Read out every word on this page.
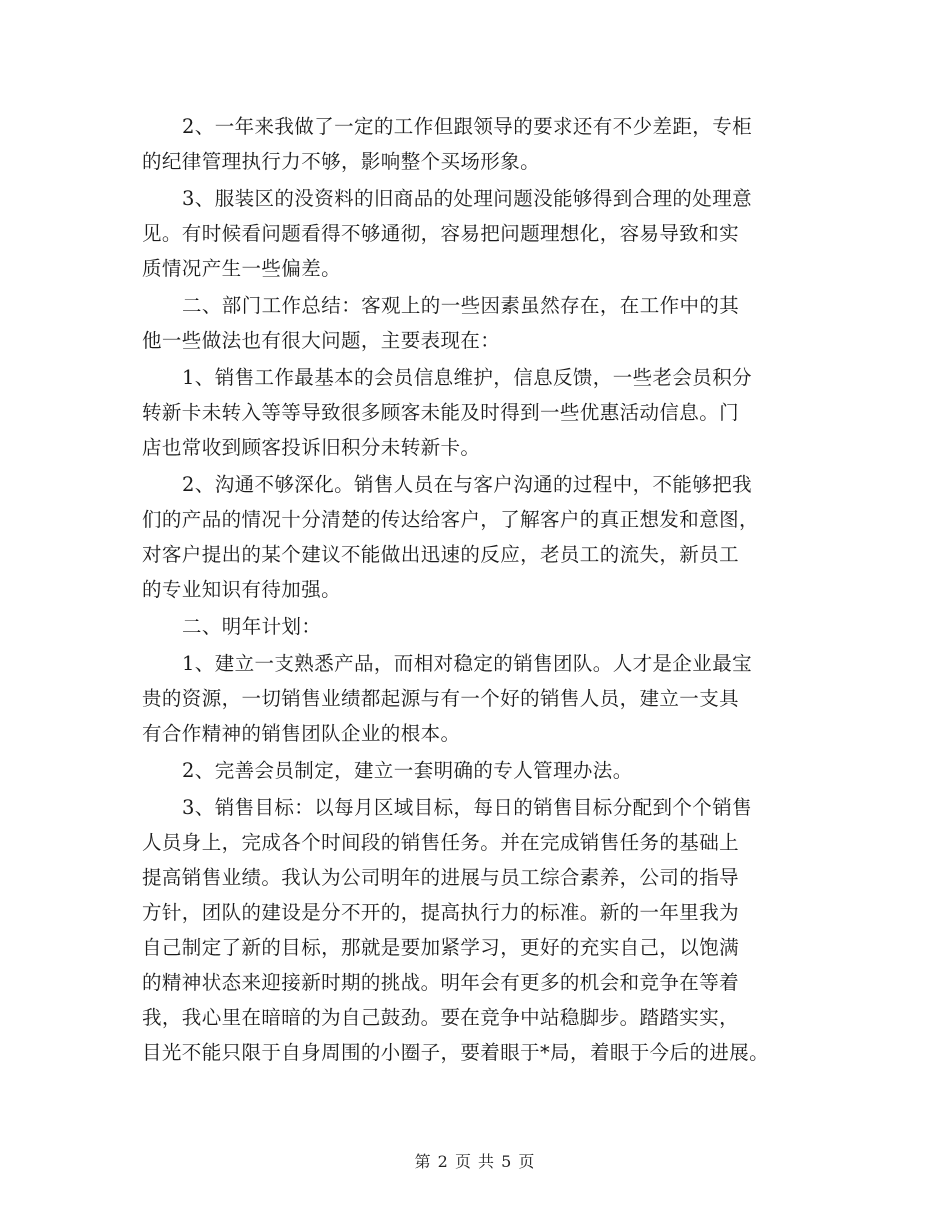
2、一年来我做了一定的工作但跟领导的要求还有不少差距，专柜
的纪律管理执行力不够，影响整个买场形象。
3、服装区的没资料的旧商品的处理问题没能够得到合理的处理意
见。有时候看问题看得不够通彻，容易把问题理想化，容易导致和实
质情况产生一些偏差。
二、部门工作总结：客观上的一些因素虽然存在，在工作中的其
他一些做法也有很大问题，主要表现在：
1、销售工作最基本的会员信息维护，信息反馈，一些老会员积分
转新卡未转入等等导致很多顾客未能及时得到一些优惠活动信息。门
店也常收到顾客投诉旧积分未转新卡。
2、沟通不够深化。销售人员在与客户沟通的过程中，不能够把我
们的产品的情况十分清楚的传达给客户，了解客户的真正想发和意图，
对客户提出的某个建议不能做出迅速的反应，老员工的流失，新员工
的专业知识有待加强。
二、明年计划：
1、建立一支熟悉产品，而相对稳定的销售团队。人才是企业最宝
贵的资源，一切销售业绩都起源与有一个好的销售人员，建立一支具
有合作精神的销售团队企业的根本。
2、完善会员制定，建立一套明确的专人管理办法。
3、销售目标：以每月区域目标，每日的销售目标分配到个个销售
人员身上，完成各个时间段的销售任务。并在完成销售任务的基础上
提高销售业绩。我认为公司明年的进展与员工综合素养，公司的指导
方针，团队的建设是分不开的，提高执行力的标准。新的一年里我为
自己制定了新的目标，那就是要加紧学习，更好的充实自己，以饱满
的精神状态来迎接新时期的挑战。明年会有更多的机会和竞争在等着
我，我心里在暗暗的为自己鼓劲。要在竞争中站稳脚步。踏踏实实，
目光不能只限于自身周围的小圈子，要着眼于*局，着眼于今后的进展。
第 2 页 共 5 页
